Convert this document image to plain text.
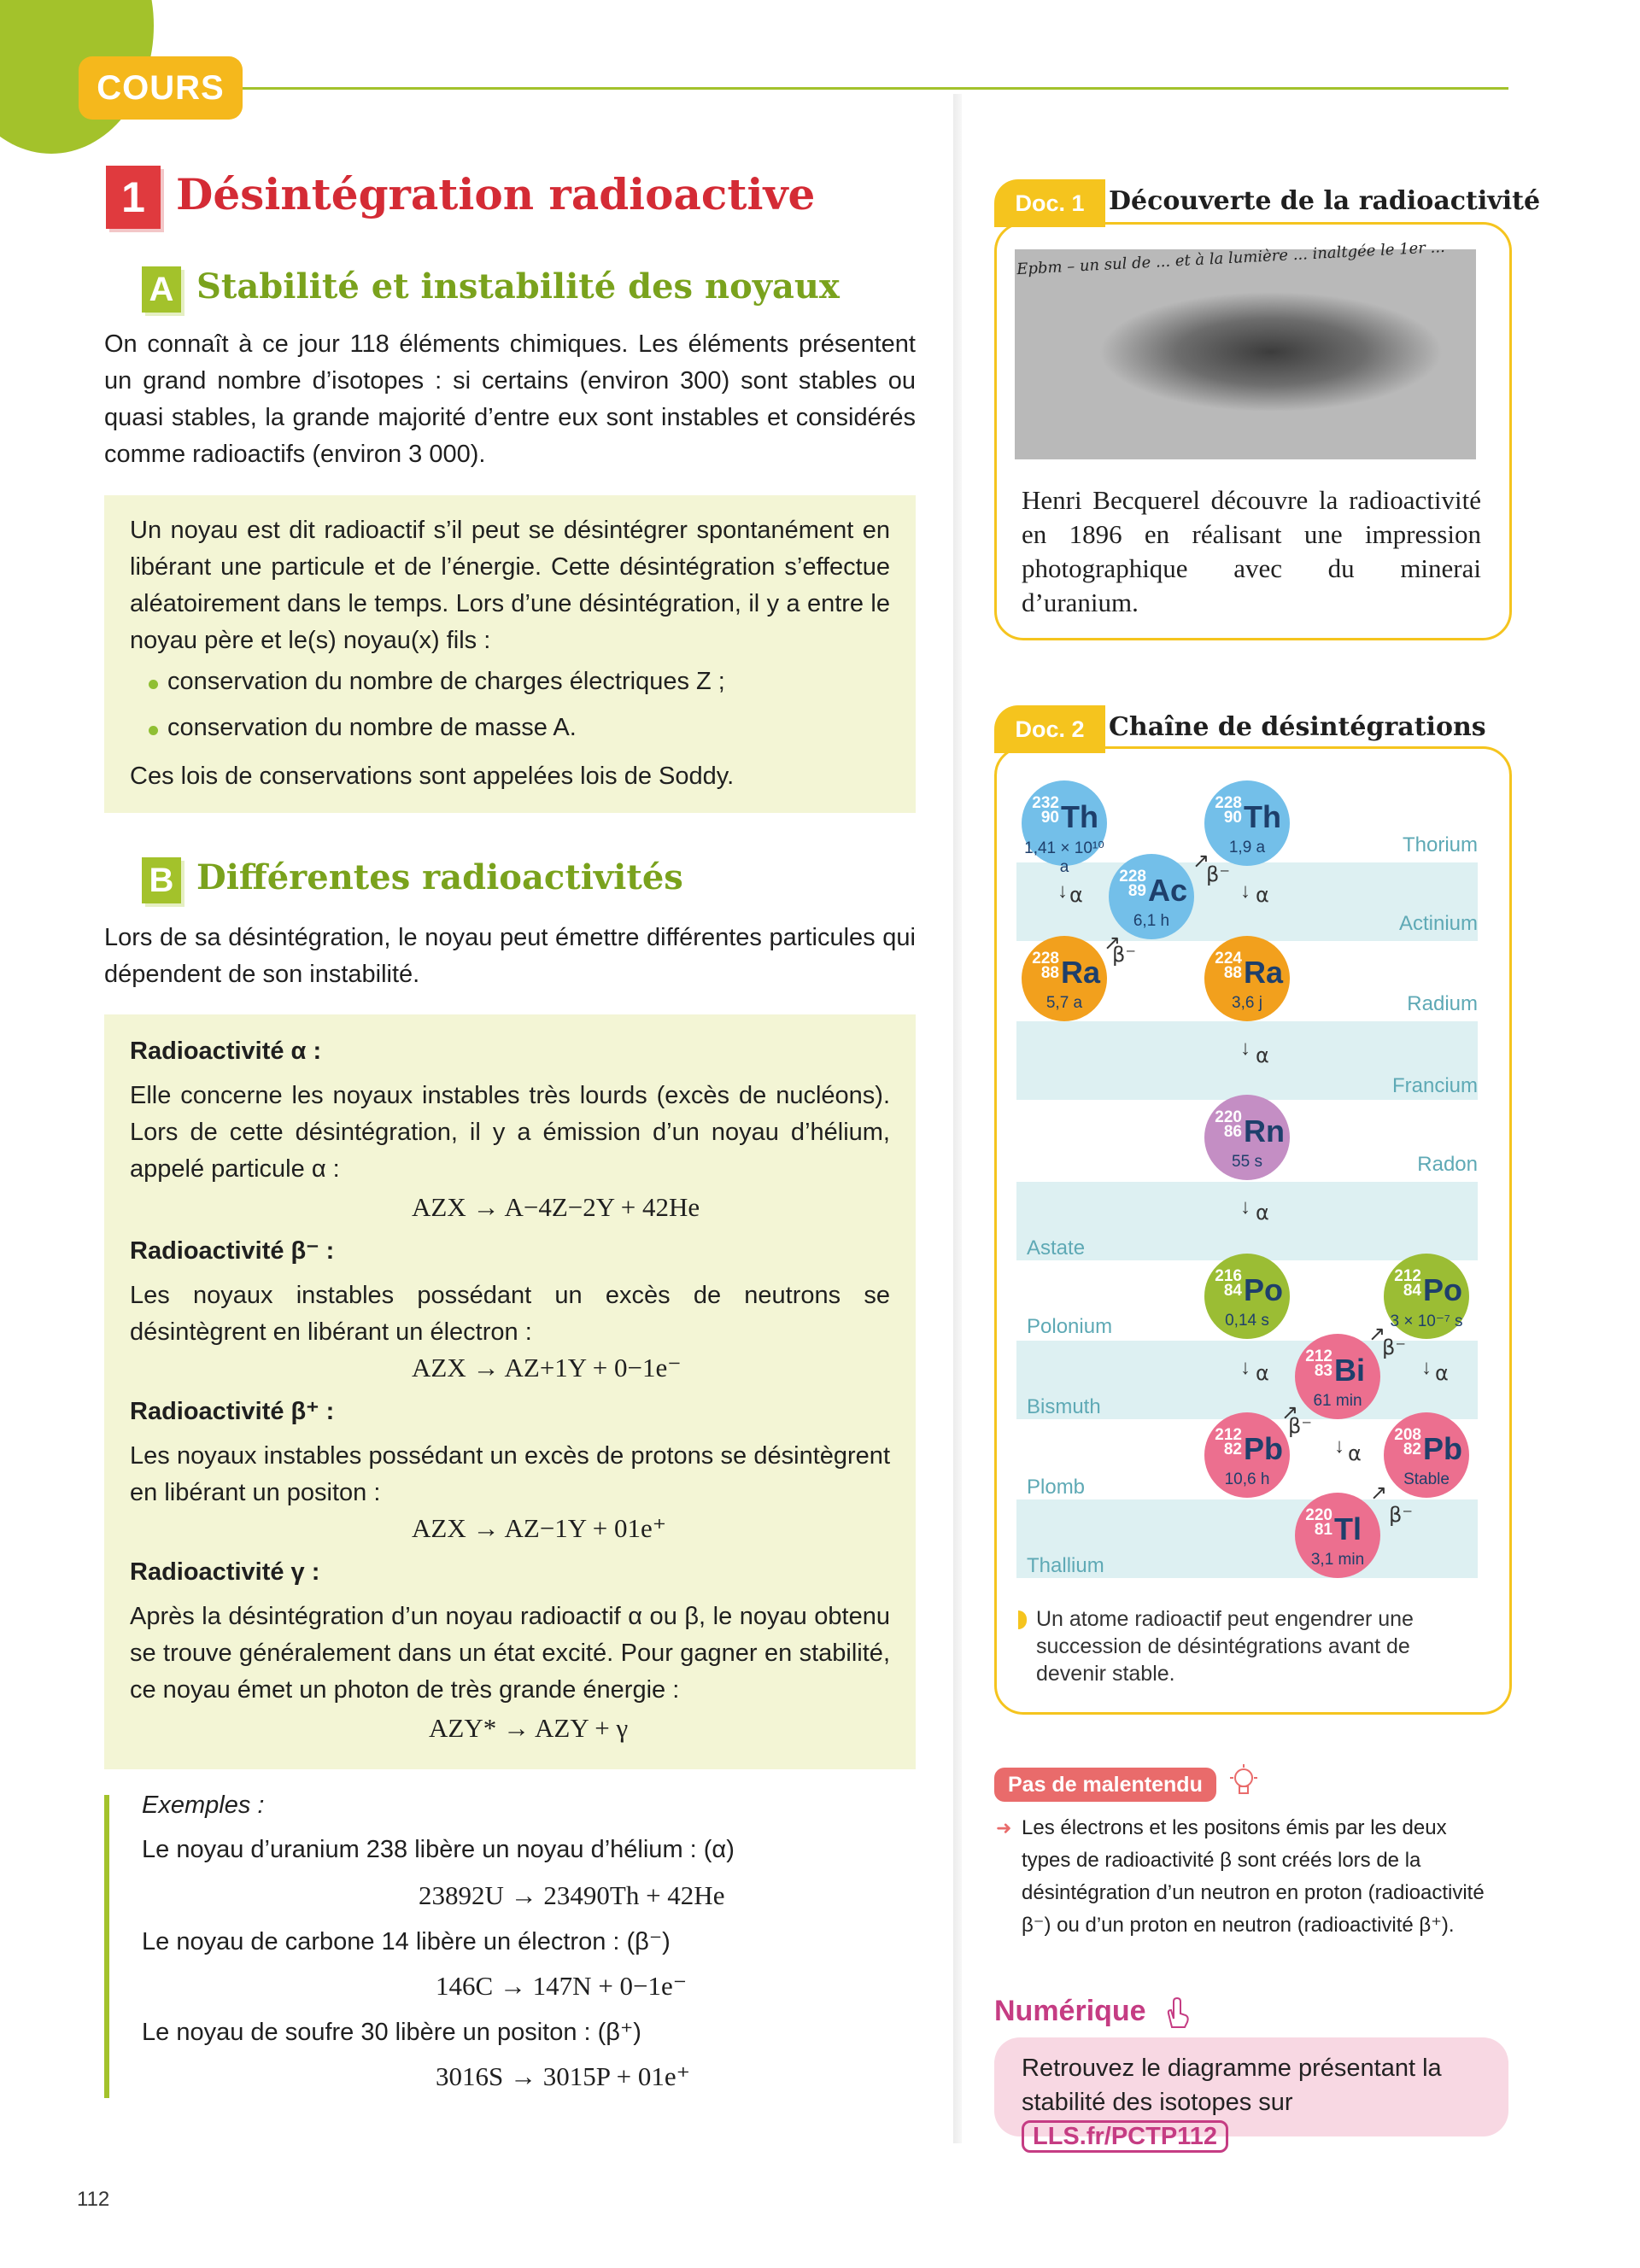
COURS
1 Désintégration radioactive
A Stabilité et instabilité des noyaux
On connaît à ce jour 118 éléments chimiques. Les éléments présentent un grand nombre d’isotopes : si certains (environ 300) sont stables ou quasi stables, la grande majorité d’entre eux sont instables et considérés comme radioactifs (environ 3 000).
Un noyau est dit radioactif s’il peut se désintégrer spontanément en libérant une particule et de l’énergie. Cette désintégration s’effectue aléatoirement dans le temps. Lors d’une désintégration, il y a entre le noyau père et le(s) noyau(x) fils :
conservation du nombre de charges électriques Z ;
conservation du nombre de masse A.
Ces lois de conservations sont appelées lois de Soddy.
B Différentes radioactivités
Lors de sa désintégration, le noyau peut émettre différentes particules qui dépendent de son instabilité.
Radioactivité α :
Elle concerne les noyaux instables très lourds (excès de nucléons). Lors de cette désintégration, il y a émission d’un noyau d’hélium, appelé particule α :
AZX → A−4Z−2Y + 42He
Radioactivité β⁻ :
Les noyaux instables possédant un excès de neutrons se désintègrent en libérant un électron :
AZX → AZ+1Y + 0−1e⁻
Radioactivité β⁺ :
Les noyaux instables possédant un excès de protons se désintègrent en libérant un positon :
AZX → AZ−1Y + 01e⁺
Radioactivité γ :
Après la désintégration d’un noyau radioactif α ou β, le noyau obtenu se trouve généralement dans un état excité. Pour gagner en stabilité, ce noyau émet un photon de très grande énergie :
AZY* → AZY + γ
Exemples :
Le noyau d’uranium 238 libère un noyau d’hélium : (α)
23892U → 23490Th + 42He
Le noyau de carbone 14 libère un électron : (β⁻)
146C → 147N + 0−1e⁻
Le noyau de soufre 30 libère un positon : (β⁺)
3016S → 3015P + 01e⁺
Doc. 1 Découverte de la radioactivité
Epbm – un sul de ... et à la lumière ... inaltgée le 1er ...
Henri Becquerel découvre la radioactivité en 1896 en réalisant une impression photographique avec du minerai d’uranium.
Doc. 2 Chaîne de désintégrations
Thorium
Actinium
Radium
Francium
Radon
Astate
Polonium
Bismuth
Plomb
Thallium
232
90 Th
1,41 × 10¹⁰ a
228
89 Ac
6,1 h
228
90 Th
1,9 a
228
88 Ra
5,7 a
224
88 Ra
3,6 j
220
86 Rn
55 s
216
84 Po
0,14 s
212
84 Po
3 × 10⁻⁷ s
212
83 Bi
61 min
212
82 Pb
10,6 h
208
82 Pb
Stable
220
81 Tl
3,1 min
↓ α	↓ α
↓ α
↓ α
↓ α
↓ α
↓ α
↗
β⁻
↗
β⁻
↗
β⁻
↗
β⁻
↗
β⁻
Un atome radioactif peut engendrer une succession de désintégrations avant de devenir stable.
Pas de malentendu
➜ Les électrons et les positons émis par les deux types de radioactivité β sont créés lors de la désintégration d’un neutron en proton (radioactivité β⁻) ou d’un proton en neutron (radioactivité β⁺).
Numérique
Retrouvez le diagramme présentant la stabilité des isotopes sur LLS.fr/PCTP112
112
